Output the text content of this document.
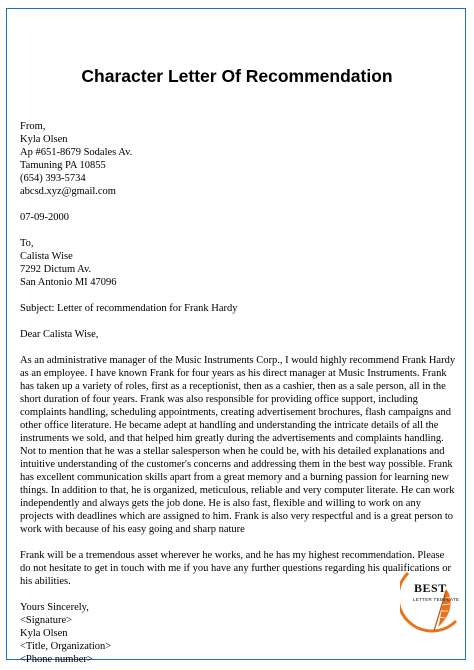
Character Letter Of Recommendation
From,
Kyla Olsen
Ap #651-8679 Sodales Av.
Tamuning PA 10855
(654) 393-5734
abcsd.xyz@gmail.com
07-09-2000
To,
Calista Wise
7292 Dictum Av.
San Antonio MI 47096
Subject: Letter of recommendation for Frank Hardy
Dear Calista Wise,

As an administrative manager of the Music Instruments Corp., I would highly recommend Frank Hardy as an employee. I have known Frank for four years as his direct manager at Music Instruments. Frank has taken up a variety of roles, first as a receptionist, then as a cashier, then as a sale person, all in the short duration of four years. Frank was also responsible for providing office support, including complaints handling, scheduling appointments, creating advertisement brochures, flash campaigns and other office literature. He became adept at handling and understanding the intricate details of all the instruments we sold, and that helped him greatly during the advertisements and complaints handling. Not to mention that he was a stellar salesperson when he could be, with his detailed explanations and intuitive understanding of the customer's concerns and addressing them in the best way possible. Frank has excellent communication skills apart from a great memory and a burning passion for learning new things. In addition to that, he is organized, meticulous, reliable and very computer literate. He can work independently and always gets the job done. He is also fast, flexible and willing to work on any projects with deadlines which are assigned to him. Frank is also very respectful and is a great person to work with because of his easy going and sharp nature

Frank will be a tremendous asset wherever he works, and he has my highest recommendation. Please do not hesitate to get in touch with me if you have any further questions regarding his qualifications or his abilities.

Yours Sincerely,
<Signature>
Kyla Olsen
<Title, Organization>
<Phone number>
BEST
LETTER TEMPLATE
